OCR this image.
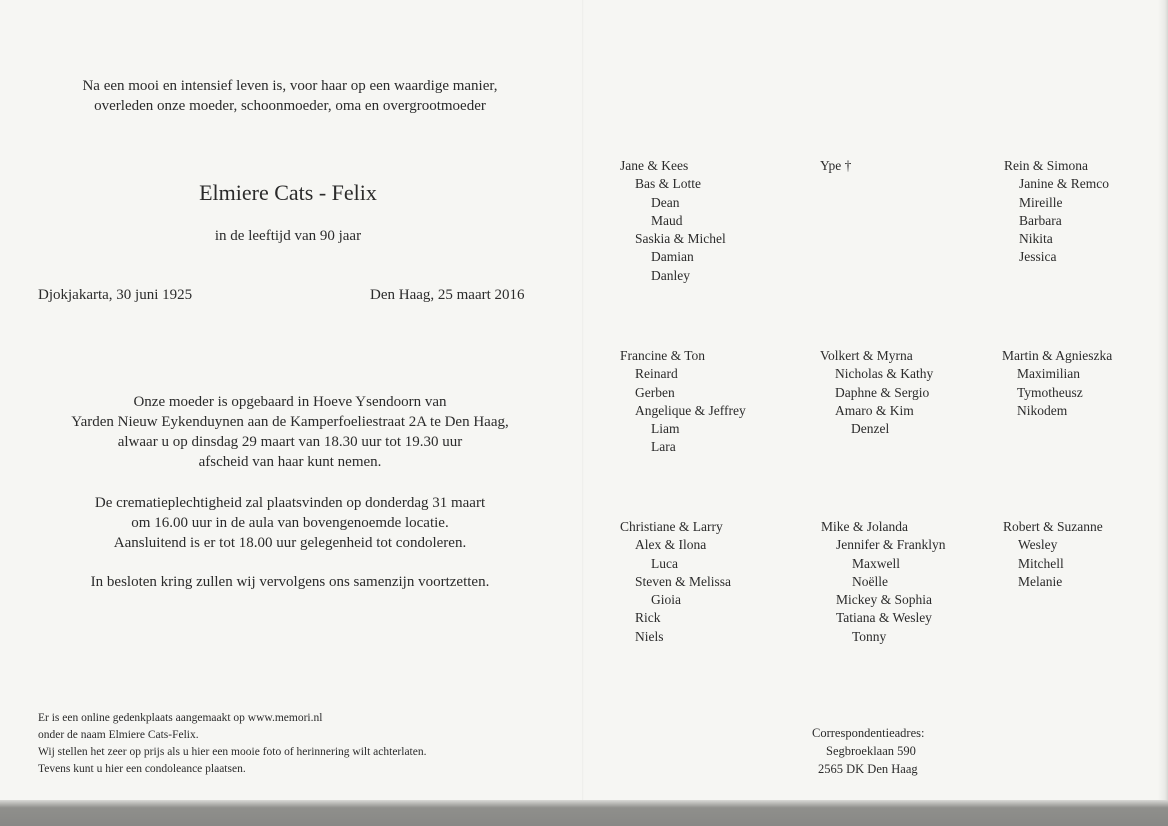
Na een mooi en intensief leven is, voor haar op een waardige manier,
overleden onze moeder, schoonmoeder, oma en overgrootmoeder
Elmiere Cats - Felix
in de leeftijd van 90 jaar
Djokjakarta, 30 juni 1925	Den Haag, 25 maart 2016
Onze moeder is opgebaard in Hoeve Ysendoorn van
Yarden Nieuw Eykenduynen aan de Kamperfoeliestraat 2A te Den Haag,
alwaar u op dinsdag 29 maart van 18.30 uur tot 19.30 uur
afscheid van haar kunt nemen.
De crematieplechtigheid zal plaatsvinden op donderdag 31 maart
om 16.00 uur in de aula van bovengenoemde locatie.
Aansluitend is er tot 18.00 uur gelegenheid tot condoleren.
In besloten kring zullen wij vervolgens ons samenzijn voortzetten.
Er is een online gedenkplaats aangemaakt op www.memori.nl
onder de naam Elmiere Cats-Felix.
Wij stellen het zeer op prijs als u hier een mooie foto of herinnering wilt achterlaten.
Tevens kunt u hier een condoleance plaatsen.
Jane & Kees
Bas & Lotte
Dean
Maud
Saskia & Michel
Damian
Danley
Ype †	Rein & Simona
Janine & Remco
Mireille
Barbara
Nikita
Jessica
Francine & Ton
Reinard
Gerben
Angelique & Jeffrey
Liam
Lara
Volkert & Myrna
Nicholas & Kathy
Daphne & Sergio
Amaro & Kim
Denzel
Martin & Agnieszka
Maximilian
Tymotheusz
Nikodem
Christiane & Larry
Alex & Ilona
Luca
Steven & Melissa
Gioia
Rick
Niels
Mike & Jolanda
Jennifer & Franklyn
Maxwell
Noëlle
Mickey & Sophia
Tatiana & Wesley
Tonny
Robert & Suzanne
Wesley
Mitchell
Melanie
Correspondentieadres:
Segbroeklaan 590
2565 DK Den Haag
